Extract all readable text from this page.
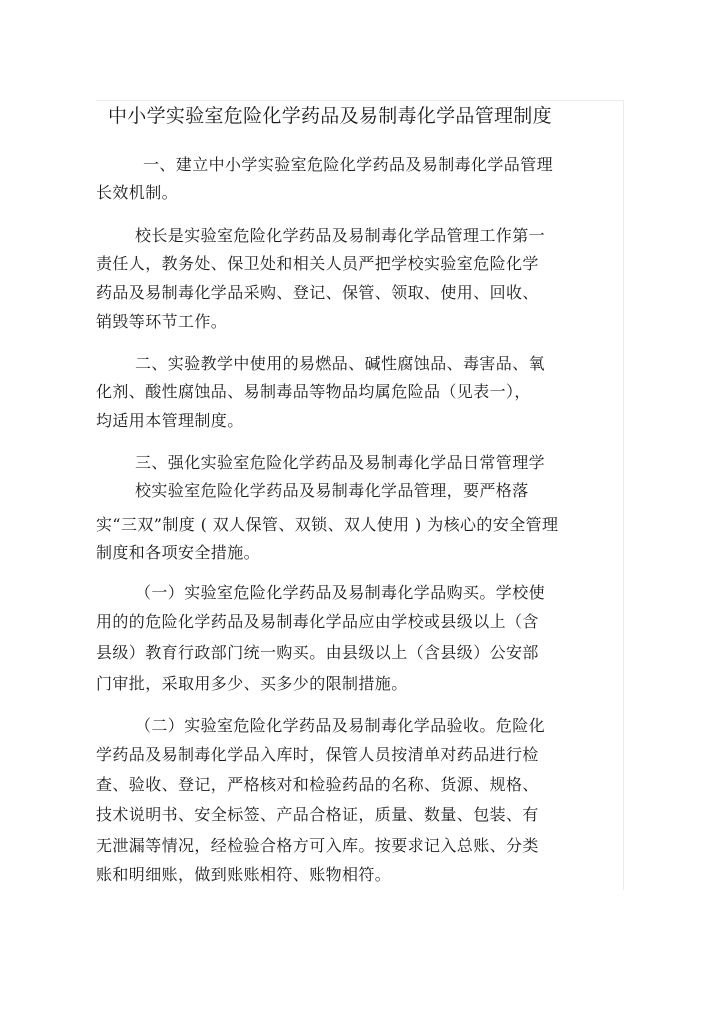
中小学实验室危险化学药品及易制毒化学品管理制度
一、建立中小学实验室危险化学药品及易制毒化学品管理
长效机制。
校长是实验室危险化学药品及易制毒化学品管理工作第一
责任人，教务处、保卫处和相关人员严把学校实验室危险化学
药品及易制毒化学品采购、登记、保管、领取、使用、回收、
销毁等环节工作。
二、实验教学中使用的易燃品、碱性腐蚀品、毒害品、氧
化剂、酸性腐蚀品、易制毒品等物品均属危险品（见表一），
均适用本管理制度。
三、强化实验室危险化学药品及易制毒化学品日常管理学
校实验室危险化学药品及易制毒化学品管理，要严格落
实“三双”制度 ( 双人保管、双锁、双人使用 ) 为核心的安全管理
制度和各项安全措施。
（一）实验室危险化学药品及易制毒化学品购买。学校使
用的的危险化学药品及易制毒化学品应由学校或县级以上（含
县级）教育行政部门统一购买。由县级以上（含县级）公安部
门审批，采取用多少、买多少的限制措施。
（二）实验室危险化学药品及易制毒化学品验收。危险化
学药品及易制毒化学品入库时，保管人员按清单对药品进行检
查、验收、登记，严格核对和检验药品的名称、货源、规格、
技术说明书、安全标签、产品合格证，质量、数量、包装、有
无泄漏等情况，经检验合格方可入库。按要求记入总账、分类
账和明细账，做到账账相符、账物相符。
